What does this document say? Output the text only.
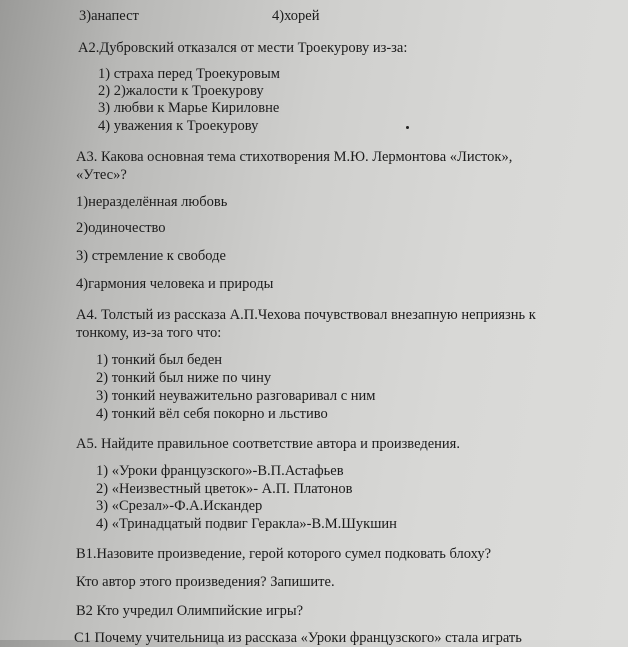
3)анапест	4)хорей
А2.Дубровский отказался от мести Троекурову из-за:
1) страха перед Троекуровым
2) 2)жалости к Троекурову
3) любви к Марье Кириловне
4) уважения к Троекурову
А3. Какова основная тема стихотворения М.Ю. Лермонтова «Листок»,
«Утес»?
1)неразделённая любовь
2)одиночество
3) стремление к свободе
4)гармония человека и природы
А4. Толстый из рассказа А.П.Чехова почувствовал внезапную неприязнь к
тонкому, из-за того что:
1) тонкий был беден
2) тонкий был ниже по чину
3) тонкий неуважительно разговаривал с ним
4) тонкий вёл себя покорно и льстиво
А5. Найдите правильное соответствие автора и произведения.
1) «Уроки французского»-В.П.Астафьев
2) «Неизвестный цветок»- А.П. Платонов
3) «Срезал»-Ф.А.Искандер
4) «Тринадцатый подвиг Геракла»-В.М.Шукшин
В1.Назовите произведение, герой которого сумел подковать блоху?
Кто автор этого произведения? Запишите.
В2 Кто учредил Олимпийские игры?
С1 Почему учительница из рассказа «Уроки французского» стала играть
